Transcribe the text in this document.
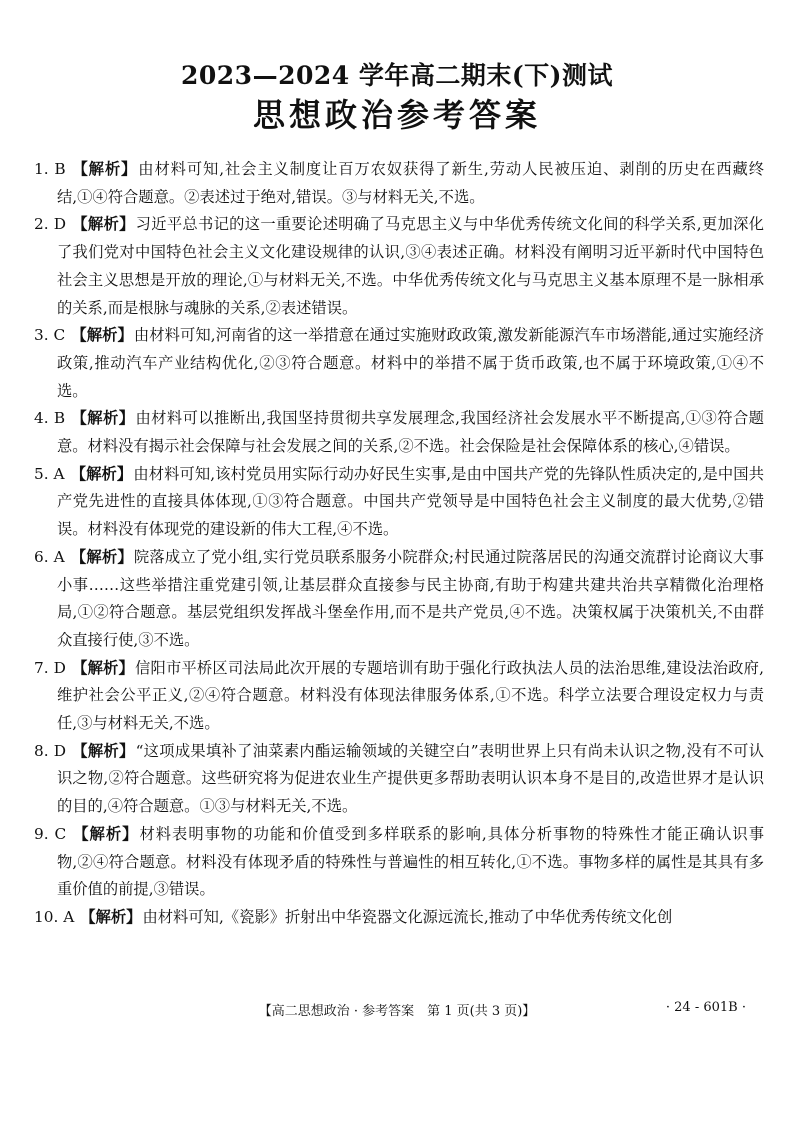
2023—2024 学年高二期末(下)测试
思想政治参考答案

1. B 【解析】由材料可知,社会主义制度让百万农奴获得了新生,劳动人民被压迫、剥削的历史在西藏终结,①④符合题意。②表述过于绝对,错误。③与材料无关,不选。

2. D 【解析】习近平总书记的这一重要论述明确了马克思主义与中华优秀传统文化间的科学关系,更加深化了我们党对中国特色社会主义文化建设规律的认识,③④表述正确。材料没有阐明习近平新时代中国特色社会主义思想是开放的理论,①与材料无关,不选。中华优秀传统文化与马克思主义基本原理不是一脉相承的关系,而是根脉与魂脉的关系,②表述错误。

3. C 【解析】由材料可知,河南省的这一举措意在通过实施财政政策,激发新能源汽车市场潜能,通过实施经济政策,推动汽车产业结构优化,②③符合题意。材料中的举措不属于货币政策,也不属于环境政策,①④不选。

4. B 【解析】由材料可以推断出,我国坚持贯彻共享发展理念,我国经济社会发展水平不断提高,①③符合题意。材料没有揭示社会保障与社会发展之间的关系,②不选。社会保险是社会保障体系的核心,④错误。

5. A 【解析】由材料可知,该村党员用实际行动办好民生实事,是由中国共产党的先锋队性质决定的,是中国共产党先进性的直接具体体现,①③符合题意。中国共产党领导是中国特色社会主义制度的最大优势,②错误。材料没有体现党的建设新的伟大工程,④不选。

6. A 【解析】院落成立了党小组,实行党员联系服务小院群众;村民通过院落居民的沟通交流群讨论商议大事小事……这些举措注重党建引领,让基层群众直接参与民主协商,有助于构建共建共治共享精微化治理格局,①②符合题意。基层党组织发挥战斗堡垒作用,而不是共产党员,④不选。决策权属于决策机关,不由群众直接行使,③不选。

7. D 【解析】信阳市平桥区司法局此次开展的专题培训有助于强化行政执法人员的法治思维,建设法治政府,维护社会公平正义,②④符合题意。材料没有体现法律服务体系,①不选。科学立法要合理设定权力与责任,③与材料无关,不选。

8. D 【解析】“这项成果填补了油菜素内酯运输领域的关键空白”表明世界上只有尚未认识之物,没有不可认识之物,②符合题意。这些研究将为促进农业生产提供更多帮助表明认识本身不是目的,改造世界才是认识的目的,④符合题意。①③与材料无关,不选。

9. C 【解析】材料表明事物的功能和价值受到多样联系的影响,具体分析事物的特殊性才能正确认识事物,②④符合题意。材料没有体现矛盾的特殊性与普遍性的相互转化,①不选。事物多样的属性是其具有多重价值的前提,③错误。

10. A 【解析】由材料可知,《瓷影》折射出中华瓷器文化源远流长,推动了中华优秀传统文化创

【高二思想政治 · 参考答案　第 1 页(共 3 页)】	· 24 - 601B ·
